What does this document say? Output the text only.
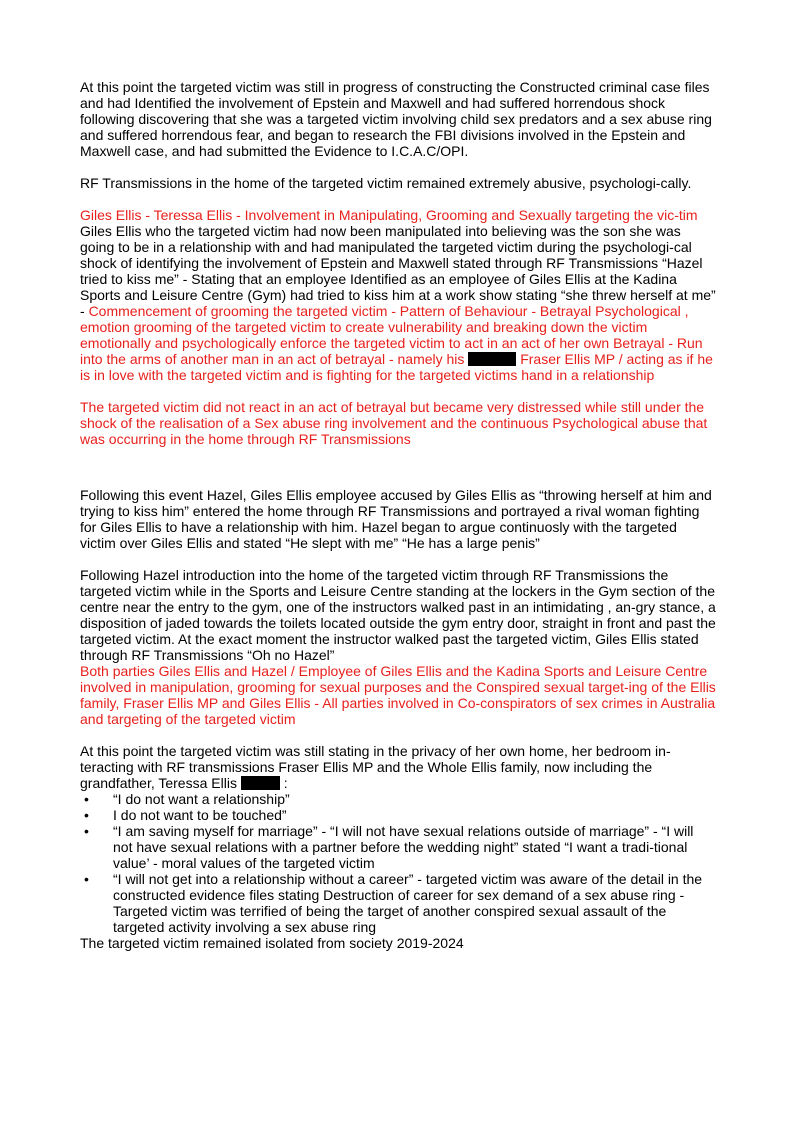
At this point the targeted victim was still in progress of constructing the Constructed criminal case files and had Identified the involvement of Epstein and Maxwell and had suffered horrendous shock following discovering that she was a targeted victim involving child sex predators and a sex abuse ring and suffered horrendous fear, and began to research the FBI divisions involved in the Epstein and Maxwell case, and had submitted the Evidence to I.C.A.C/OPI.

RF Transmissions in the home of the targeted victim remained extremely abusive, psychologi-cally.

Giles Ellis - Teressa Ellis - Involvement in Manipulating, Grooming and Sexually targeting the vic-tim

Giles Ellis who the targeted victim had now been manipulated into believing was the son she was going to be in a relationship with and had manipulated the targeted victim during the psychologi-cal shock of identifying the involvement of Epstein and Maxwell stated through RF Transmissions “Hazel tried to kiss me” - Stating that an employee Identified as an employee of Giles Ellis at the Kadina Sports and Leisure Centre (Gym) had tried to kiss him at a work show stating “she threw herself at me” - Commencement of grooming the targeted victim - Pattern of Behaviour - Betrayal Psychological , emotion grooming of the targeted victim to create vulnerability and breaking down the victim emotionally and psychologically enforce the targeted victim to act in an act of her own Betrayal - Run into the arms of another man in an act of betrayal - namely his	Fraser Ellis MP / acting as if he is in love with the targeted victim and is fighting for the targeted victims hand in a relationship

The targeted victim did not react in an act of betrayal but became very distressed while still under the shock of the realisation of a Sex abuse ring involvement and the continuous Psychological abuse that was occurring in the home through RF Transmissions

Following this event Hazel, Giles Ellis employee accused by Giles Ellis as “throwing herself at him and trying to kiss him” entered the home through RF Transmissions and portrayed a rival woman fighting for Giles Ellis to have a relationship with him. Hazel began to argue continuosly with the targeted victim over Giles Ellis and stated “He slept with me” “He has a large penis”

Following Hazel introduction into the home of the targeted victim through RF Transmissions the targeted victim while in the Sports and Leisure Centre standing at the lockers in the Gym section of the centre near the entry to the gym, one of the instructors walked past in an intimidating , an-gry stance, a disposition of jaded towards the toilets located outside the gym entry door, straight in front and past the targeted victim. At the exact moment the instructor walked past the targeted victim, Giles Ellis stated through RF Transmissions “Oh no Hazel”

Both parties Giles Ellis and Hazel / Employee of Giles Ellis and the Kadina Sports and Leisure Centre involved in manipulation, grooming for sexual purposes and the Conspired sexual target-ing of the Ellis family, Fraser Ellis MP and Giles Ellis - All parties involved in Co-conspirators of sex crimes in Australia and targeting of the targeted victim

At this point the targeted victim was still stating in the privacy of her own home, her bedroom in-teracting with RF transmissions Fraser Ellis MP and the Whole Ellis family, now including the grandfather, Teressa Ellis	:

• “I do not want a relationship”
• I do not want to be touched”
• “I am saving myself for marriage” - “I will not have sexual relations outside of marriage” - “I will not have sexual relations with a partner before the wedding night” stated “I want a tradi-tional value’ - moral values of the targeted victim
• “I will not get into a relationship without a career” - targeted victim was aware of the detail in the constructed evidence files stating Destruction of career for sex demand of a sex abuse ring - Targeted victim was terrified of being the target of another conspired sexual assault of the targeted activity involving a sex abuse ring

The targeted victim remained isolated from society 2019-2024
